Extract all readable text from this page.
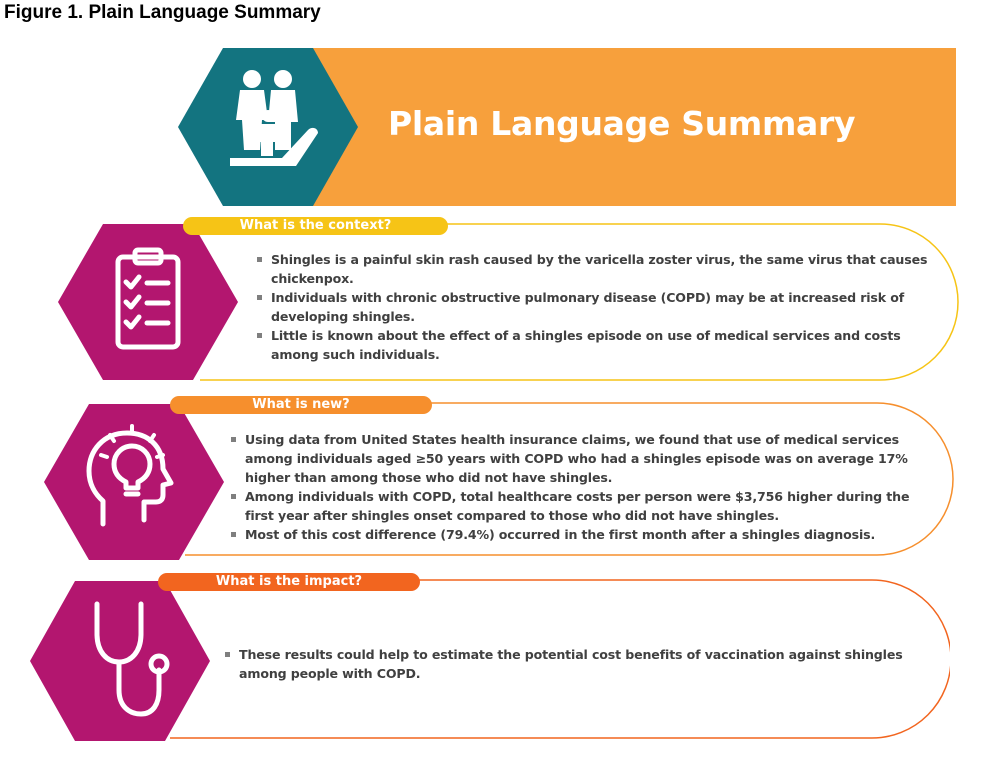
Figure 1. Plain Language Summary
Plain Language Summary
What is the context?
Shingles is a painful skin rash caused by the varicella zoster virus, the same virus that causes chickenpox.
Individuals with chronic obstructive pulmonary disease (COPD) may be at increased risk of developing shingles.
Little is known about the effect of a shingles episode on use of medical services and costs among such individuals.
What is new?
Using data from United States health insurance claims, we found that use of medical services among individuals aged ≥50 years with COPD who had a shingles episode was on average 17% higher than among those who did not have shingles.
Among individuals with COPD, total healthcare costs per person were $3,756 higher during the first year after shingles onset compared to those who did not have shingles.
Most of this cost difference (79.4%) occurred in the first month after a shingles diagnosis.
What is the impact?
These results could help to estimate the potential cost benefits of vaccination against shingles among people with COPD.
